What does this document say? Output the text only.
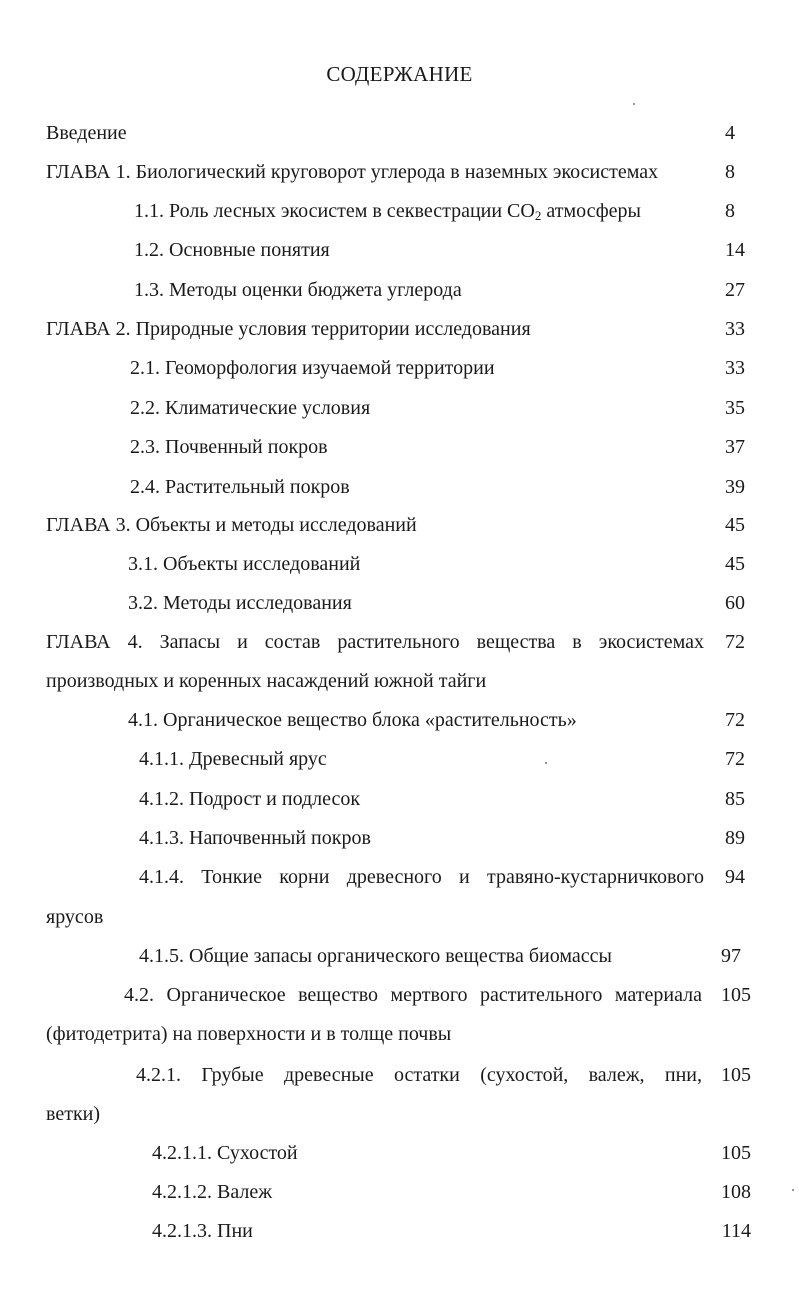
СОДЕРЖАНИЕ
Введение	4
ГЛАВА 1. Биологический круговорот углерода в наземных экосистемах	8
1.1. Роль лесных экосистем в секвестрации $CO_2$ атмосферы	8
1.2. Основные понятия	14
1.3. Методы оценки бюджета углерода	27
ГЛАВА 2. Природные условия территории исследования	33
2.1. Геоморфология изучаемой территории	33
2.2. Климатические условия	35
2.3. Почвенный покров	37
2.4. Растительный покров	39
ГЛАВА 3. Объекты и методы исследований	45
3.1. Объекты исследований	45
3.2. Методы исследования	60
ГЛАВА 4. Запасы и состав растительного вещества в экосистемах 72
производных и коренных насаждений южной тайги
4.1. Органическое вещество блока «растительность»	72
4.1.1. Древесный ярус	72
4.1.2. Подрост и подлесок	85
4.1.3. Напочвенный покров	89
4.1.4. Тонкие корни древесного и травяно-кустарничкового 94
ярусов
4.1.5. Общие запасы органического вещества биомассы	97
4.2. Органическое вещество мертвого растительного материала 105
(фитодетрита) на поверхности и в толще почвы
4.2.1. Грубые древесные остатки (сухостой, валеж, пни, 105
ветки)
4.2.1.1. Сухостой	105
4.2.1.2. Валеж	108
4.2.1.3. Пни	114
